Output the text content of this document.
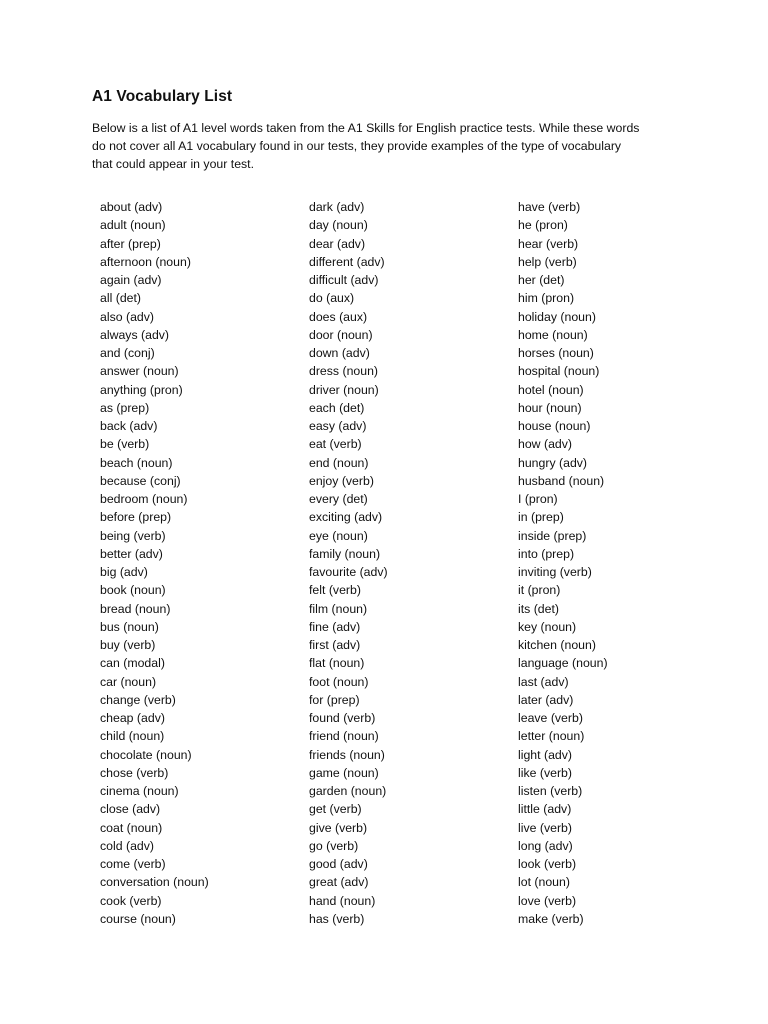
A1 Vocabulary List

Below is a list of A1 level words taken from the A1 Skills for English practice tests. While these words
do not cover all A1 vocabulary found in our tests, they provide examples of the type of vocabulary
that could appear in your test.

about (adv)
adult (noun)
after (prep)
afternoon (noun)
again (adv)
all (det)
also (adv)
always (adv)
and (conj)
answer (noun)
anything (pron)
as (prep)
back (adv)
be (verb)
beach (noun)
because (conj)
bedroom (noun)
before (prep)
being (verb)
better (adv)
big (adv)
book (noun)
bread (noun)
bus (noun)
buy (verb)
can (modal)
car (noun)
change (verb)
cheap (adv)
child (noun)
chocolate (noun)
chose (verb)
cinema (noun)
close (adv)
coat (noun)
cold (adv)
come (verb)
conversation (noun)
cook (verb)
course (noun)
dark (adv)
day (noun)
dear (adv)
different (adv)
difficult (adv)
do (aux)
does (aux)
door (noun)
down (adv)
dress (noun)
driver (noun)
each (det)
easy (adv)
eat (verb)
end (noun)
enjoy (verb)
every (det)
exciting (adv)
eye (noun)
family (noun)
favourite (adv)
felt (verb)
film (noun)
fine (adv)
first (adv)
flat (noun)
foot (noun)
for (prep)
found (verb)
friend (noun)
friends (noun)
game (noun)
garden (noun)
get (verb)
give (verb)
go (verb)
good (adv)
great (adv)
hand (noun)
has (verb)
have (verb)
he (pron)
hear (verb)
help (verb)
her (det)
him (pron)
holiday (noun)
home (noun)
horses (noun)
hospital (noun)
hotel (noun)
hour (noun)
house (noun)
how (adv)
hungry (adv)
husband (noun)
I (pron)
in (prep)
inside (prep)
into (prep)
inviting (verb)
it (pron)
its (det)
key (noun)
kitchen (noun)
language (noun)
last (adv)
later (adv)
leave (verb)
letter (noun)
light (adv)
like (verb)
listen (verb)
little (adv)
live (verb)
long (adv)
look (verb)
lot (noun)
love (verb)
make (verb)
